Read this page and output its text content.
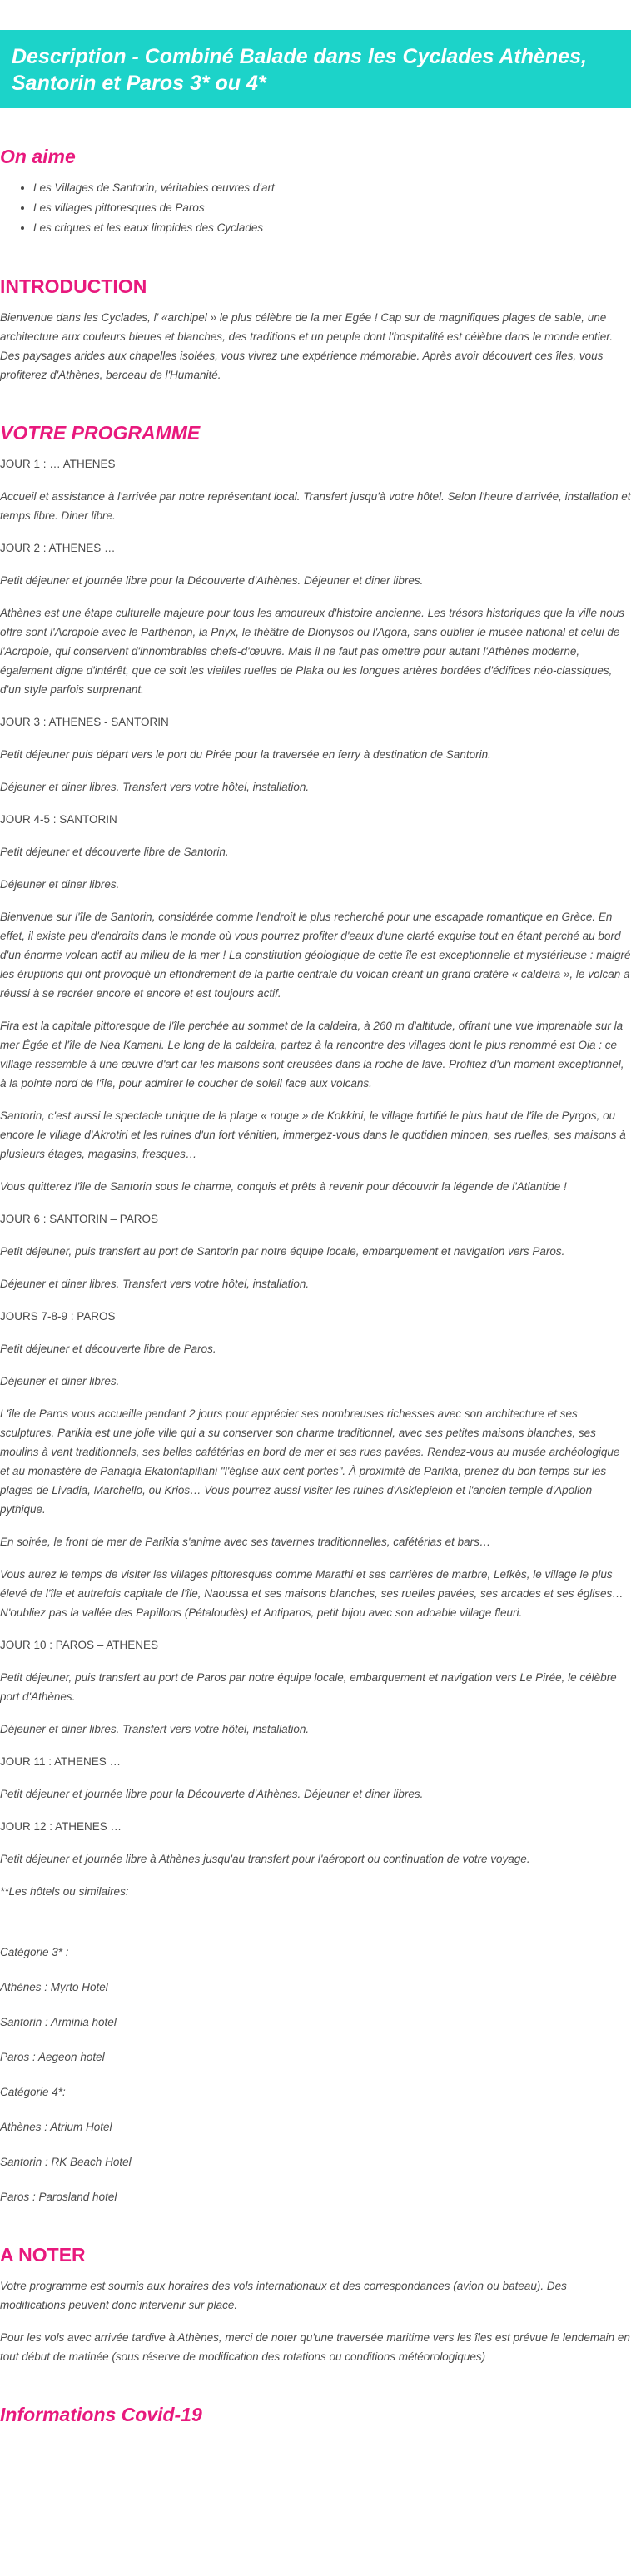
Description - Combiné Balade dans les Cyclades Athènes, Santorin et Paros 3* ou 4*
On aime
• Les Villages de Santorin, véritables œuvres d'art
• Les villages pittoresques de Paros
• Les criques et les eaux limpides des Cyclades
INTRODUCTION

Bienvenue dans les Cyclades, l' «archipel » le plus célèbre de la mer Egée ! Cap sur de magnifiques plages de sable, une architecture aux couleurs bleues et blanches, des traditions et un peuple dont l'hospitalité est célèbre dans le monde entier. Des paysages arides aux chapelles isolées, vous vivrez une expérience mémorable. Après avoir découvert ces îles, vous profiterez d'Athènes, berceau de l'Humanité.

VOTRE PROGRAMME

JOUR 1 : … ATHENES

Accueil et assistance à l'arrivée par notre représentant local. Transfert jusqu'à votre hôtel. Selon l'heure d'arrivée, installation et temps libre. Diner libre.

JOUR 2 : ATHENES …

Petit déjeuner et journée libre pour la Découverte d'Athènes. Déjeuner et diner libres.

Athènes est une étape culturelle majeure pour tous les amoureux d'histoire ancienne. Les trésors historiques que la ville nous offre sont l'Acropole avec le Parthénon, la Pnyx, le théâtre de Dionysos ou l'Agora, sans oublier le musée national et celui de l'Acropole, qui conservent d'innombrables chefs-d'œuvre. Mais il ne faut pas omettre pour autant l'Athènes moderne, également digne d'intérêt, que ce soit les vieilles ruelles de Plaka ou les longues artères bordées d'édifices néo-classiques, d'un style parfois surprenant.

JOUR 3 : ATHENES - SANTORIN

Petit déjeuner puis départ vers le port du Pirée pour la traversée en ferry à destination de Santorin.

Déjeuner et diner libres. Transfert vers votre hôtel, installation.

JOUR 4-5 : SANTORIN

Petit déjeuner et découverte libre de Santorin.

Déjeuner et diner libres.

Bienvenue sur l'île de Santorin, considérée comme l'endroit le plus recherché pour une escapade romantique en Grèce. En effet, il existe peu d'endroits dans le monde où vous pourrez profiter d'eaux d'une clarté exquise tout en étant perché au bord d'un énorme volcan actif au milieu de la mer ! La constitution géologique de cette île est exceptionnelle et mystérieuse : malgré les éruptions qui ont provoqué un effondrement de la partie centrale du volcan créant un grand cratère « caldeira », le volcan a réussi à se recréer encore et encore et est toujours actif.

Fira est la capitale pittoresque de l'île perchée au sommet de la caldeira, à 260 m d'altitude, offrant une vue imprenable sur la mer Égée et l'île de Nea Kameni. Le long de la caldeira, partez à la rencontre des villages dont le plus renommé est Oia : ce village ressemble à une œuvre d'art car les maisons sont creusées dans la roche de lave. Profitez d'un moment exceptionnel, à la pointe nord de l'île, pour admirer le coucher de soleil face aux volcans.

Santorin, c'est aussi le spectacle unique de la plage « rouge » de Kokkini, le village fortifié le plus haut de l'île de Pyrgos, ou encore le village d'Akrotiri et les ruines d'un fort vénitien, immergez-vous dans le quotidien minoen, ses ruelles, ses maisons à plusieurs étages, magasins, fresques…

Vous quitterez l'île de Santorin sous le charme, conquis et prêts à revenir pour découvrir la légende de l'Atlantide !

JOUR 6 : SANTORIN – PAROS

Petit déjeuner, puis transfert au port de Santorin par notre équipe locale, embarquement et navigation vers Paros.

Déjeuner et diner libres. Transfert vers votre hôtel, installation.

JOURS 7-8-9 : PAROS

Petit déjeuner et découverte libre de Paros.

Déjeuner et diner libres.

L'île de Paros vous accueille pendant 2 jours pour apprécier ses nombreuses richesses avec son architecture et ses sculptures. Parikia est une jolie ville qui a su conserver son charme traditionnel, avec ses petites maisons blanches, ses moulins à vent traditionnels, ses belles cafétérias en bord de mer et ses rues pavées. Rendez-vous au musée archéologique et au monastère de Panagia Ekatontapiliani "l'église aux cent portes". À proximité de Parikia, prenez du bon temps sur les plages de Livadia, Marchello, ou Krios… Vous pourrez aussi visiter les ruines d'Asklepieion et l'ancien temple d'Apollon pythique.

En soirée, le front de mer de Parikia s'anime avec ses tavernes traditionnelles, cafétérias et bars…

Vous aurez le temps de visiter les villages pittoresques comme Marathi et ses carrières de marbre, Lefkès, le village le plus élevé de l'île et autrefois capitale de l'île, Naoussa et ses maisons blanches, ses ruelles pavées, ses arcades et ses églises… N'oubliez pas la vallée des Papillons (Pétaloudès) et Antiparos, petit bijou avec son adoable village fleuri.

JOUR 10 : PAROS – ATHENES

Petit déjeuner, puis transfert au port de Paros par notre équipe locale, embarquement et navigation vers Le Pirée, le célèbre port d'Athènes.

Déjeuner et diner libres. Transfert vers votre hôtel, installation.

JOUR 11 : ATHENES …

Petit déjeuner et journée libre pour la Découverte d'Athènes. Déjeuner et diner libres.

JOUR 12 : ATHENES …

Petit déjeuner et journée libre à Athènes jusqu'au transfert pour l'aéroport ou continuation de votre voyage.

**Les hôtels ou similaires:

Catégorie 3* :

Athènes : Myrto Hotel

Santorin : Arminia hotel

Paros : Aegeon hotel

Catégorie 4*:

Athènes : Atrium Hotel

Santorin : RK Beach Hotel

Paros : Parosland hotel

A NOTER

Votre programme est soumis aux horaires des vols internationaux et des correspondances (avion ou bateau). Des modifications peuvent donc intervenir sur place.

Pour les vols avec arrivée tardive à Athènes, merci de noter qu'une traversée maritime vers les îles est prévue le lendemain en tout début de matinée (sous réserve de modification des rotations ou conditions météorologiques)

Informations Covid-19
